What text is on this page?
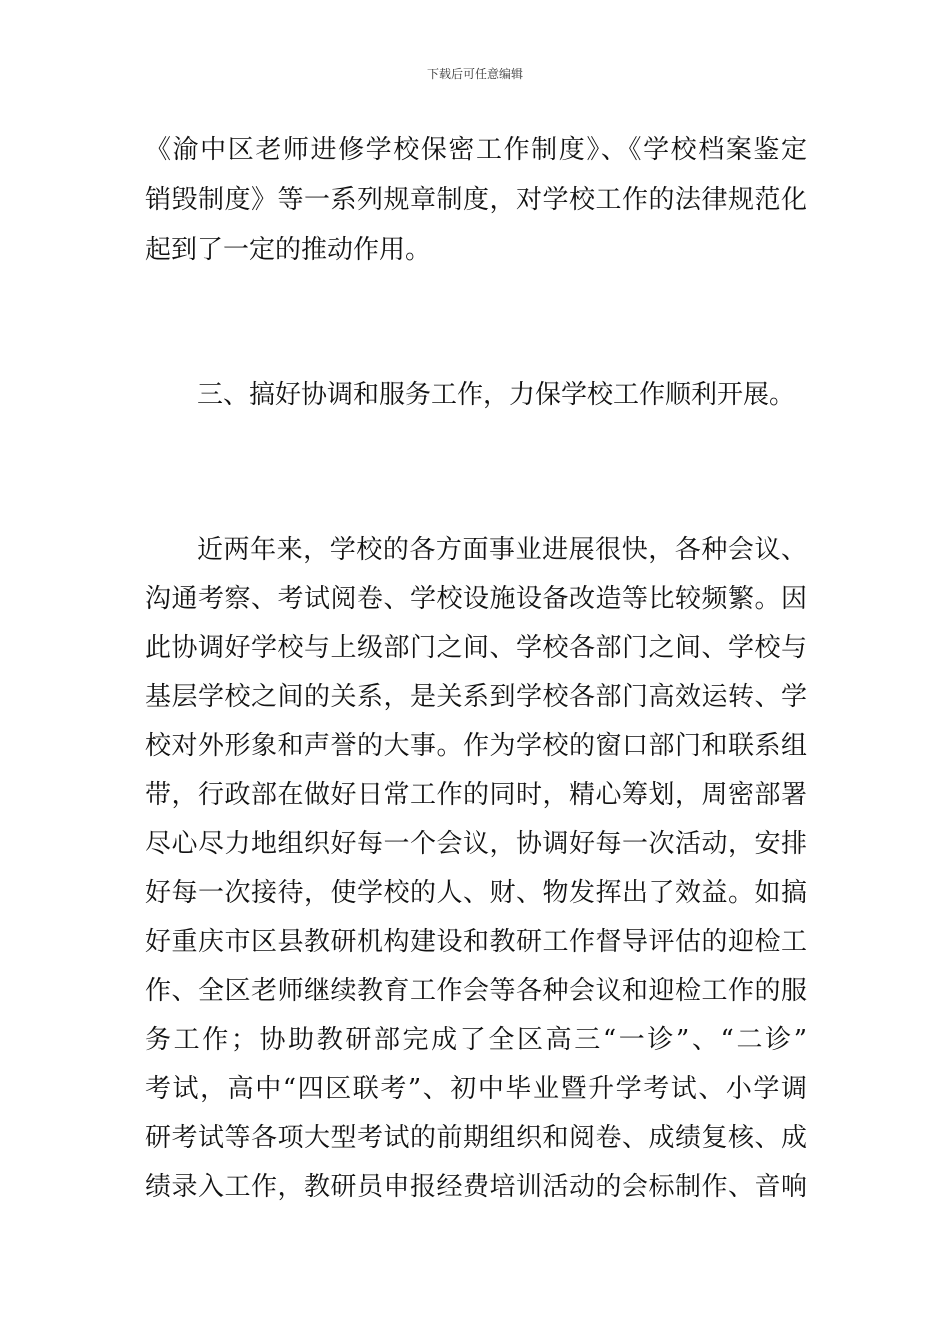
下载后可任意编辑
《渝中区老师进修学校保密工作制度》、《学校档案鉴定
销毁制度》等一系列规章制度，对学校工作的法律规范化
起到了一定的推动作用。
三、搞好协调和服务工作，力保学校工作顺利开展。
近两年来，学校的各方面事业进展很快，各种会议、
沟通考察、考试阅卷、学校设施设备改造等比较频繁。因
此协调好学校与上级部门之间、学校各部门之间、学校与
基层学校之间的关系，是关系到学校各部门高效运转、学
校对外形象和声誉的大事。作为学校的窗口部门和联系组
带，行政部在做好日常工作的同时，精心筹划，周密部署
尽心尽力地组织好每一个会议，协调好每一次活动，安排
好每一次接待，使学校的人、财、物发挥出了效益。如搞
好重庆市区县教研机构建设和教研工作督导评估的迎检工
作、全区老师继续教育工作会等各种会议和迎检工作的服
务工作；协助教研部完成了全区高三“一诊”、“二诊”
考试，高中“四区联考”、初中毕业暨升学考试、小学调
研考试等各项大型考试的前期组织和阅卷、成绩复核、成
绩录入工作，教研员申报经费培训活动的会标制作、音响
